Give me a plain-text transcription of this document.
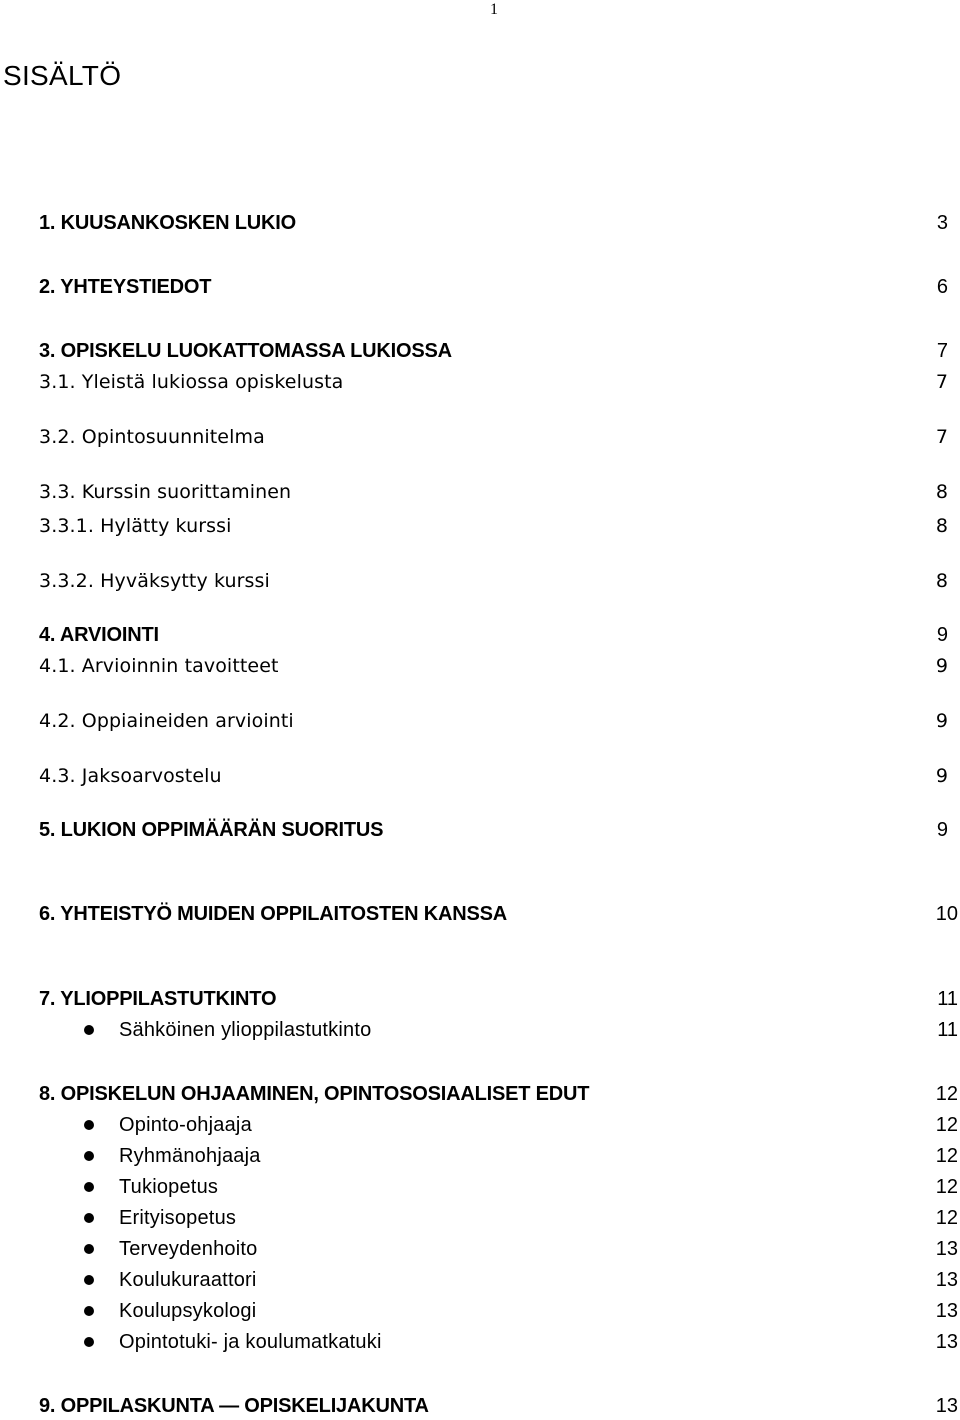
1
SISÄLTÖ
1. KUUSANKOSKEN LUKIO	3
2. YHTEYSTIEDOT	6
3. OPISKELU LUOKATTOMASSA LUKIOSSA	7
3.1. Yleistä lukiossa opiskelusta	7
3.2. Opintosuunnitelma	7
3.3. Kurssin suorittaminen	8
3.3.1. Hylätty kurssi	8
3.3.2. Hyväksytty kurssi	8
4. ARVIOINTI	9
4.1. Arvioinnin tavoitteet	9
4.2. Oppiaineiden arviointi	9
4.3. Jaksoarvostelu	9
5. LUKION OPPIMÄÄRÄN SUORITUS	9
6. YHTEISTYÖ MUIDEN OPPILAITOSTEN KANSSA	10
7. YLIOPPILASTUTKINTO	11
Sähköinen ylioppilastutkinto	11
8. OPISKELUN OHJAAMINEN, OPINTOSOSIAALISET EDUT	12
Opinto-ohjaaja	12
Ryhmänohjaaja	12
Tukiopetus	12
Erityisopetus	12
Terveydenhoito	13
Koulukuraattori	13
Koulupsykologi	13
Opintotuki- ja koulumatkatuki	13
9. OPPILASKUNTA — OPISKELIJAKUNTA	13
